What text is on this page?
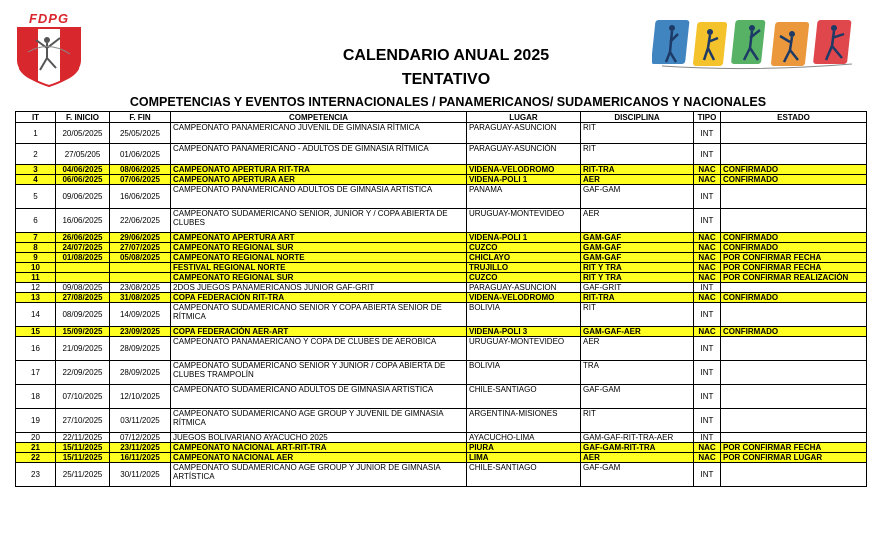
FDPG
CALENDARIO ANUAL 2025
TENTATIVO
COMPETENCIAS Y EVENTOS INTERNACIONALES / PANAMERICANOS/ SUDAMERICANOS Y NACIONALES
IT	F. INICIO	F. FIN	COMPETENCIA	LUGAR	DISCIPLINA	TIPO	ESTADO
1	20/05/2025	25/05/2025	CAMPEONATO PANAMERICANO JUVENIL DE GIMNASIA RÍTMICA	PARAGUAY-ASUNCION	RIT	INT	
2	27/05/205	01/06/2025	CAMPEONATO PANAMERICANO - ADULTOS DE GIMNASIA RÍTMICA	PARAGUAY-ASUNCIÓN	RIT	INT	
3	04/06/2025	08/06/2025	CAMPEONATO APERTURA RIT-TRA	VIDENA-VELODROMO	RIT-TRA	NAC	CONFIRMADO
4	06/06/2025	07/06/2025	CAMPEONATO APERTURA AER	VIDENA-POLI 1	AER	NAC	CONFIRMADO
5	09/06/2025	16/06/2025	CAMPEONATO PANAMERICANO ADULTOS DE GIMNASIA ARTISTICA	PANAMA	GAF-GAM	INT	
6	16/06/2025	22/06/2025	CAMPEONATO SUDAMERICANO SENIOR, JUNIOR Y / COPA ABIERTA DE CLUBES	URUGUAY-MONTEVIDEO	AER	INT	
7	26/06/2025	29/06/2025	CAMPEONATO APERTURA ART	VIDENA-POLI 1	GAM-GAF	NAC	CONFIRMADO
8	24/07/2025	27/07/2025	CAMPEONATO REGIONAL SUR	CUZCO	GAM-GAF	NAC	CONFIRMADO
9	01/08/2025	05/08/2025	CAMPEONATO REGIONAL NORTE	CHICLAYO	GAM-GAF	NAC	POR CONFIRMAR FECHA
10			FESTIVAL REGIONAL NORTE	TRUJILLO	RIT Y TRA	NAC	POR CONFIRMAR FECHA
11			CAMPEONATO REGIONAL SUR	CUZCO	RIT Y TRA	NAC	POR CONFIRMAR REALIZACIÓN
12	09/08/2025	23/08/2025	2DOS JUEGOS PANAMERICANOS JUNIOR GAF-GRIT	PARAGUAY-ASUNCION	GAF-GRIT	INT	
13	27/08/2025	31/08/2025	COPA FEDERACIÓN RIT-TRA	VIDENA-VELODROMO	RIT-TRA	NAC	CONFIRMADO
14	08/09/2025	14/09/2025	CAMPEONATO SUDAMERICANO SENIOR Y COPA ABIERTA SENIOR DE RÍTMICA	BOLIVIA	RIT	INT	
15	15/09/2025	23/09/2025	COPA FEDERACIÓN AER-ART	VIDENA-POLI 3	GAM-GAF-AER	NAC	CONFIRMADO
16	21/09/2025	28/09/2025	CAMPEONATO PANAMAERICANO Y COPA DE CLUBES DE AEROBICA	URUGUAY-MONTEVIDEO	AER	INT	
17	22/09/2025	28/09/2025	CAMPEONATO SUDAMERICANO SENIOR Y JUNIOR / COPA ABIERTA DE CLUBES TRAMPOLÍN	BOLIVIA	TRA	INT	
18	07/10/2025	12/10/2025	CAMPEONATO SUDAMERICANO ADULTOS DE GIMNASIA ARTISTICA	CHILE-SANTIAGO	GAF-GAM	INT	
19	27/10/2025	03/11/2025	CAMPEONATO SUDAMERICANO AGE GROUP Y JUVENIL DE GIMNASIA RÍTMICA	ARGENTINA-MISIONES	RIT	INT	
20	22/11/2025	07/12/2025	JUEGOS BOLIVARIANO AYACUCHO 2025	AYACUCHO-LIMA	GAM-GAF-RIT-TRA-AER	INT	
21	15/11/2025	23/11/2025	CAMPEONATO NACIONAL ART-RIT-TRA	PIURA	GAF-GAM-RIT-TRA	NAC	POR CONFIRMAR FECHA
22	15/11/2025	16/11/2025	CAMPEONATO NACIONAL AER	LIMA	AER	NAC	POR CONFIRMAR LUGAR
23	25/11/2025	30/11/2025	CAMPEONATO SUDAMERICANO AGE GROUP Y JUNIOR DE GIMNASIA ARTÍSTICA	CHILE-SANTIAGO	GAF-GAM	INT	
